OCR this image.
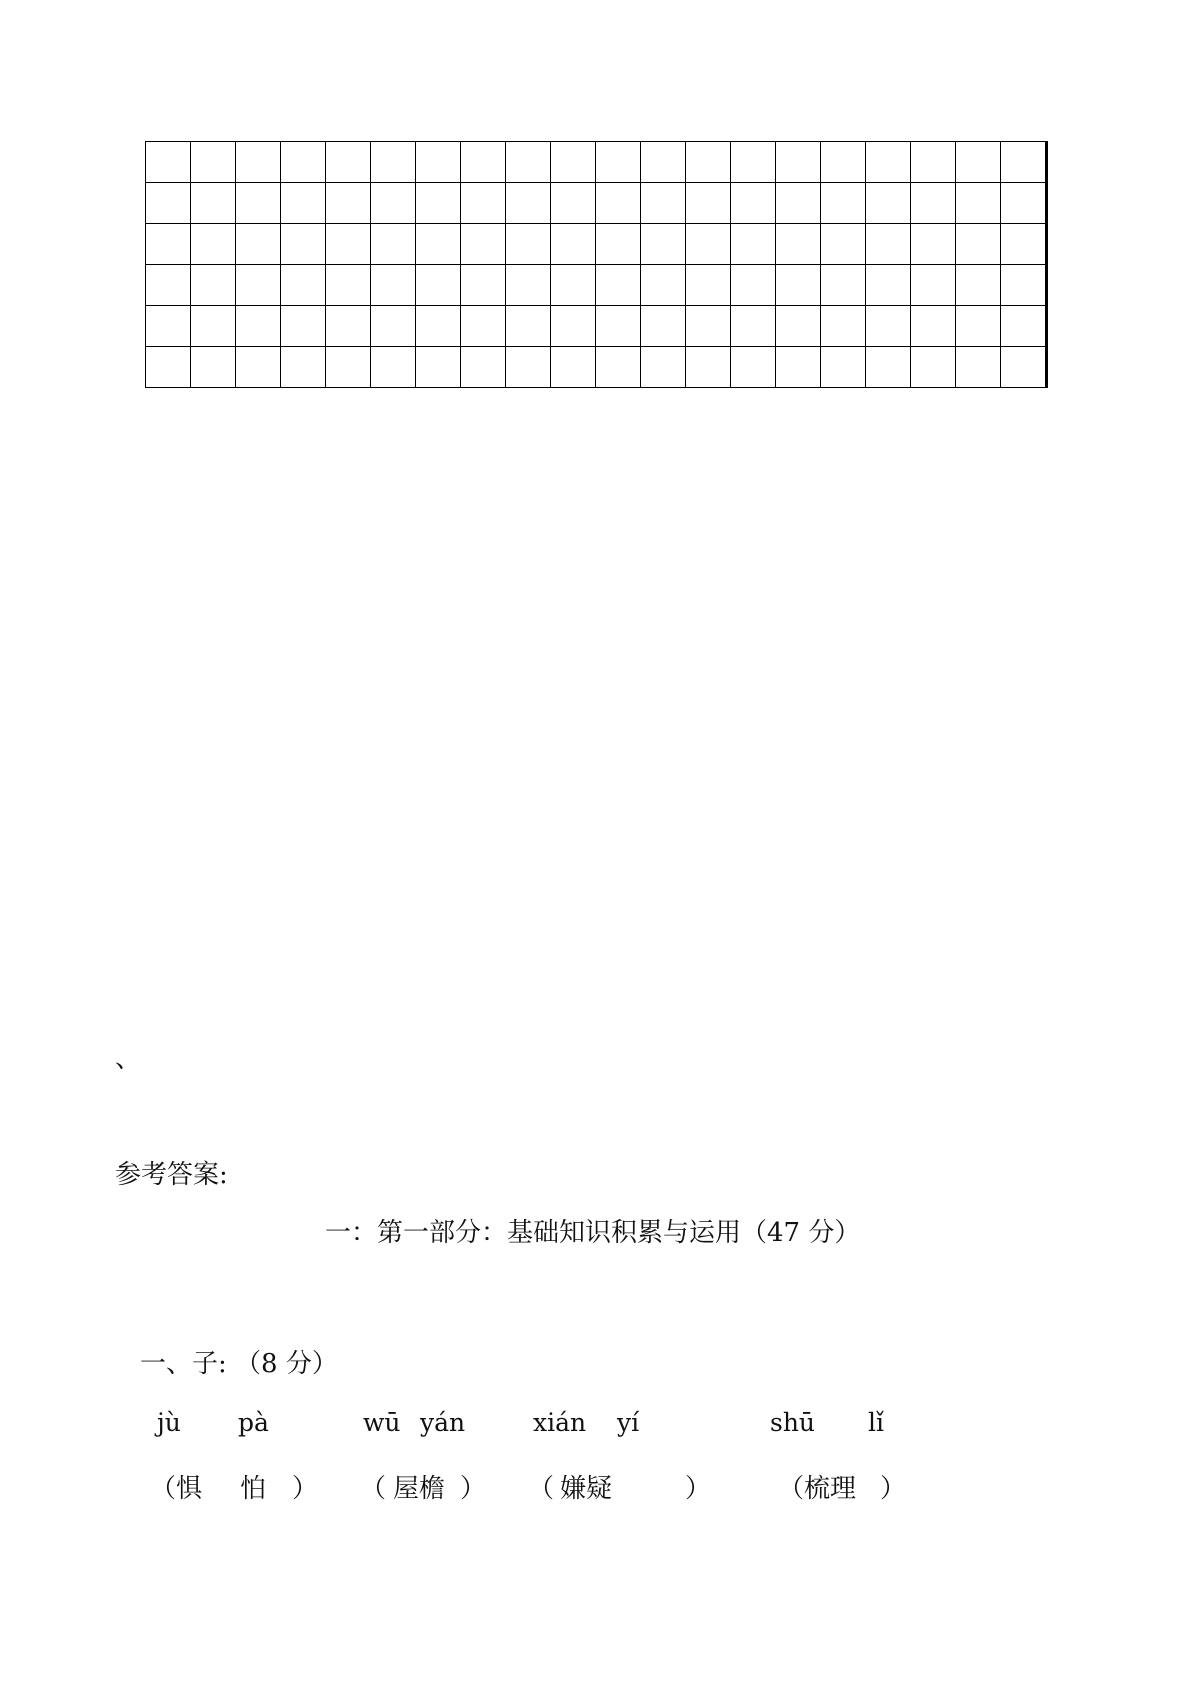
、
参考答案:
一：第一部分：基础知识积累与运用（47 分）
一、子: （8 分）
jù pà	wū yán	xián yí	shū lǐ
（惧 怕 ） （ 屋檐 ） （ 嫌疑	）	（梳理 ）
